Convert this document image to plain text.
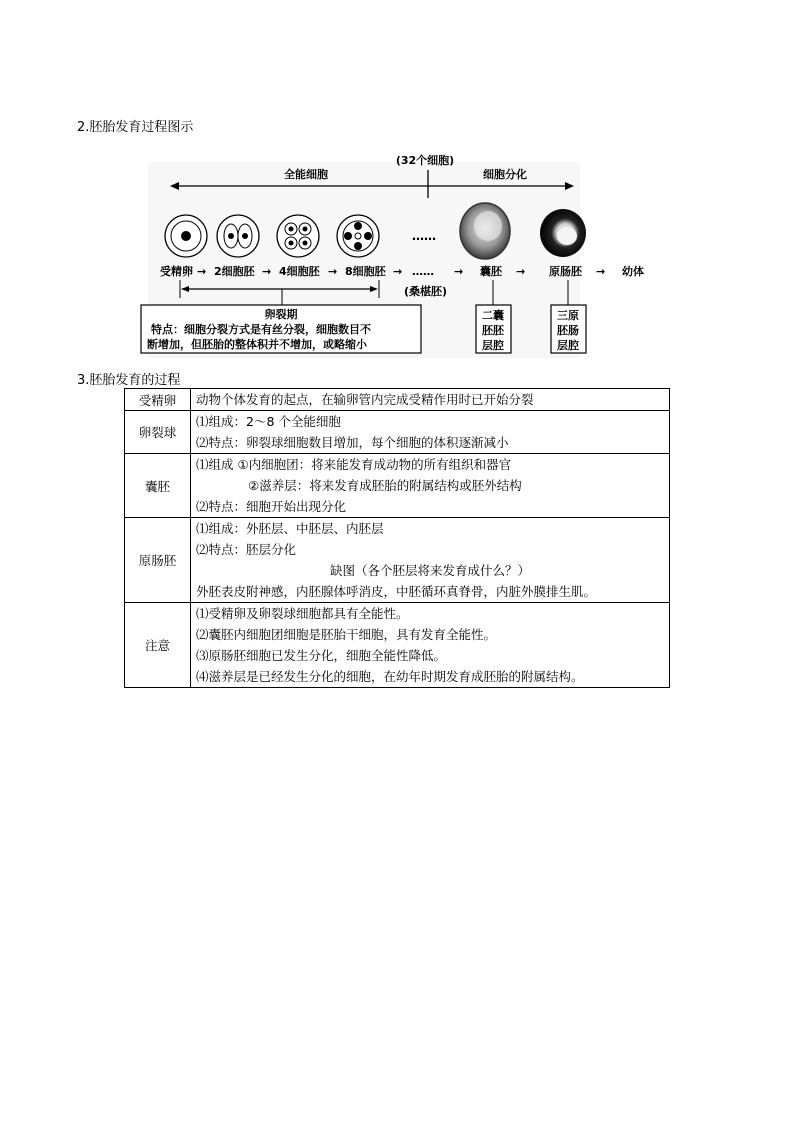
2.胚胎发育过程图示
(32个细胞)
全能细胞	细胞分化
……
受精卵 → 2细胞胚 → 4细胞胚 → 8细胞胚 → …… → 囊胚 → 原肠胚 → 幼体
(桑椹胚)
卵裂期
特点：细胞分裂方式是有丝分裂，细胞数目不
断增加，但胚胎的整体积并不增加，或略缩小
二囊
胚胚
层腔
三原
胚肠
层腔
3.胚胎发育的过程
受精卵	动物个体发育的起点，在输卵管内完成受精作用时已开始分裂

卵裂球	⑴组成：2～8 个全能细胞
⑵特点：卵裂球细胞数目增加，每个细胞的体积逐渐减小

囊胚	⑴组成 ①内细胞团：将来能发育成动物的所有组织和器官
②滋养层：将来发育成胚胎的附属结构或胚外结构
⑵特点：细胞开始出现分化

原肠胚	⑴组成：外胚层、中胚层、内胚层
⑵特点：胚层分化
缺图（各个胚层将来发育成什么？）
外胚表皮附神感，内胚腺体呼消皮，中胚循环真脊骨，内脏外膜排生肌。

注意	⑴受精卵及卵裂球细胞都具有全能性。
⑵囊胚内细胞团细胞是胚胎干细胞，具有发育全能性。
⑶原肠胚细胞已发生分化，细胞全能性降低。
⑷滋养层是已经发生分化的细胞，在幼年时期发育成胚胎的附属结构。
